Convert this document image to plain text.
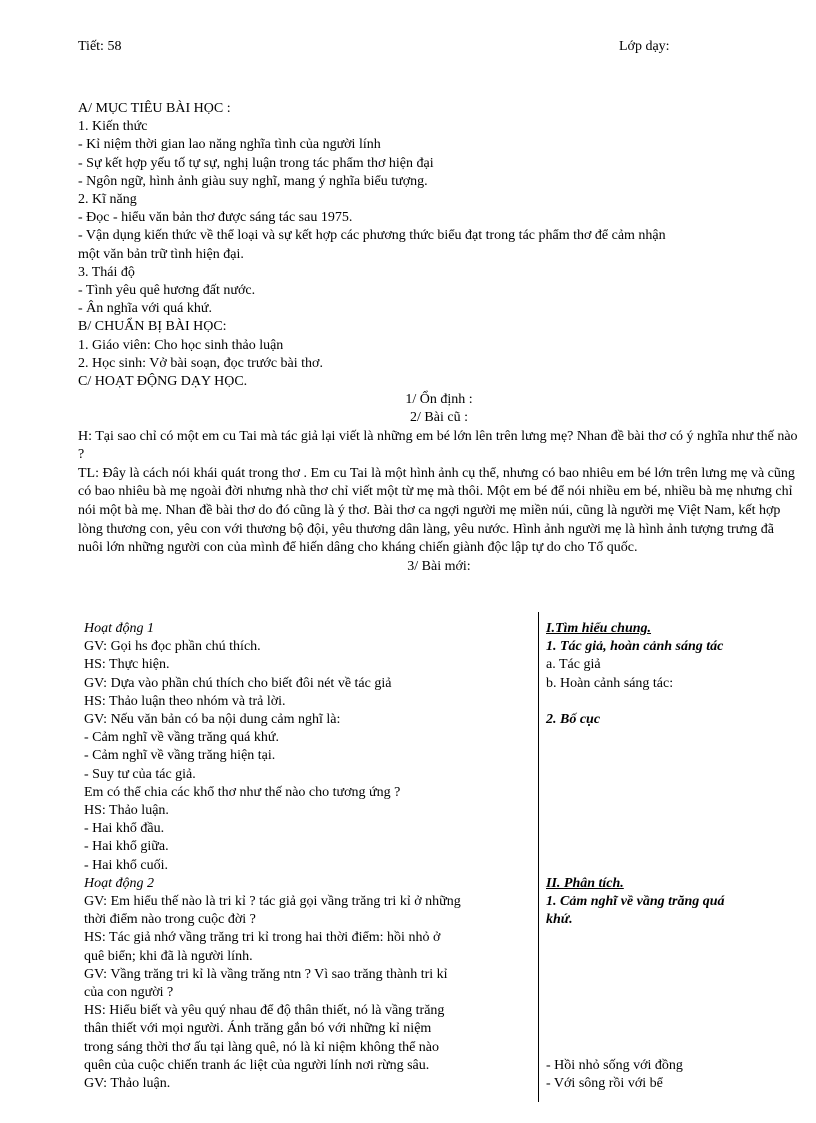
Tiết: 58	Lớp dạy:
A/ MỤC TIÊU BÀI HỌC :
1. Kiến thức
- Kỉ niệm thời gian lao năng nghĩa tình của người lính
- Sự kết hợp yếu tố tự sự, nghị luận trong tác phẩm thơ hiện đại
- Ngôn ngữ, hình ảnh giàu suy nghĩ, mang ý nghĩa biểu tượng.
2. Kĩ năng
- Đọc - hiểu văn bản thơ được sáng tác sau 1975.
- Vận dụng kiến thức về thể loại và sự kết hợp các phương thức biểu đạt trong tác phẩm thơ để cảm nhận
một văn bản trữ tình hiện đại.
3. Thái độ
- Tình yêu quê hương đất nước.
- Ân nghĩa với quá khứ.
B/ CHUẨN BỊ BÀI HỌC:
1. Giáo viên: Cho học sinh thảo luận
2. Học sinh: Vở bài soạn, đọc trước bài thơ.
C/ HOẠT ĐỘNG DẠY HỌC.
1/ Ổn định :
2/ Bài cũ :

H: Tại sao chỉ có một em cu Tai mà tác giả lại viết là những em bé lớn lên trên lưng mẹ? Nhan đề bài thơ có ý nghĩa như thế nào ?

TL: Đây là cách nói khái quát trong thơ . Em cu Tai là một hình ảnh cụ thể, nhưng có bao nhiêu em bé lớn trên lưng mẹ và cũng có bao nhiêu bà mẹ ngoài đời nhưng nhà thơ chỉ viết một từ mẹ mà thôi. Một em bé để nói nhiều em bé, nhiều bà mẹ nhưng chỉ nói một bà mẹ. Nhan đề bài thơ do đó cũng là ý thơ. Bài thơ ca ngợi người mẹ miền núi, cũng là người mẹ Việt Nam, kết hợp lòng thương con, yêu con với thương bộ đội, yêu thương dân làng, yêu nước. Hình ảnh người mẹ là hình ảnh tượng trưng đã nuôi lớn những người con của mình để hiến dâng cho kháng chiến giành độc lập tự do cho Tổ quốc.

3/ Bài mới:
Hoạt động 1
GV: Gọi hs đọc phần chú thích.
HS: Thực hiện.
GV: Dựa vào phần chú thích cho biết đôi nét về tác giả
HS: Thảo luận theo nhóm và trả lời.
GV: Nếu văn bản có ba nội dung cảm nghĩ là:
- Cảm nghĩ về vầng trăng quá khứ.
- Cảm nghĩ về vầng trăng hiện tại.
- Suy tư của tác giả.
Em có thể chia các khổ thơ như thế nào cho tương ứng ?
HS: Thảo luận.
- Hai khổ đầu.
- Hai khổ giữa.
- Hai khổ cuối.
Hoạt động 2
GV: Em hiểu thế nào là tri kỉ ? tác giả gọi vầng trăng tri kỉ ở những
thời điểm nào trong cuộc đời ?
HS: Tác giả nhớ vầng trăng tri kỉ trong hai thời điểm: hồi nhỏ ở
quê biển; khi đã là người lính.
GV: Vầng trăng tri kỉ là vầng trăng ntn ? Vì sao trăng thành tri kỉ
của con người ?
HS: Hiểu biết và yêu quý nhau để độ thân thiết, nó là vầng trăng
thân thiết với mọi người. Ánh trăng gắn bó với những kỉ niệm
trong sáng thời thơ ấu tại làng quê, nó là kỉ niệm không thể nào
quên của cuộc chiến tranh ác liệt của người lính nơi rừng sâu.
GV: Thảo luận.
I.Tìm hiểu chung.
1. Tác giả, hoàn cảnh sáng tác
a. Tác giả
b. Hoàn cảnh sáng tác:

2. Bố cục

II. Phân tích.
1. Cảm nghĩ về vầng trăng quá
khứ.

- Hồi nhỏ sống với đồng
- Với sông rồi với bể
